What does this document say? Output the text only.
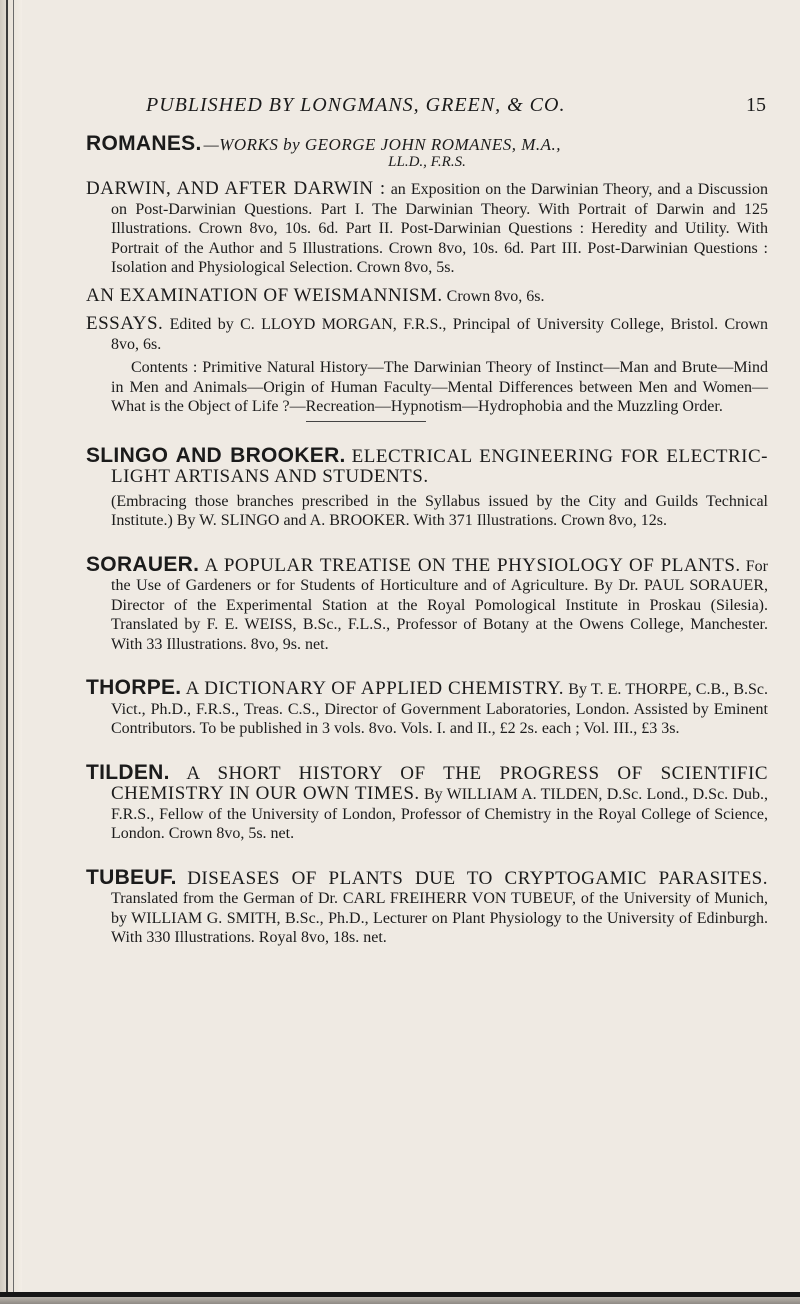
PUBLISHED BY LONGMANS, GREEN, & CO.	15
ROMANES. —WORKS by GEORGE JOHN ROMANES, M.A.,
LL.D., F.R.S.

DARWIN, AND AFTER DARWIN : an Exposition on the Darwinian Theory, and a Discussion on Post-Darwinian Questions. Part I. The Darwinian Theory. With Portrait of Darwin and 125 Illustrations. Crown 8vo, 10s. 6d. Part II. Post-Darwinian Questions : Heredity and Utility. With Portrait of the Author and 5 Illustrations. Crown 8vo, 10s. 6d. Part III. Post-Darwinian Questions : Isolation and Physiological Selection. Crown 8vo, 5s.

AN EXAMINATION OF WEISMANNISM. Crown 8vo, 6s.

ESSAYS. Edited by C. LLOYD MORGAN, F.R.S., Principal of University College, Bristol. Crown 8vo, 6s.

Contents : Primitive Natural History—The Darwinian Theory of Instinct—Man and Brute—Mind in Men and Animals—Origin of Human Faculty—Mental Differences between Men and Women—What is the Object of Life ?—Recreation—Hypnotism—Hydrophobia and the Muzzling Order.

SLINGO AND BROOKER. ELECTRICAL ENGINEERING FOR ELECTRIC-LIGHT ARTISANS AND STUDENTS.

(Embracing those branches prescribed in the Syllabus issued by the City and Guilds Technical Institute.) By W. SLINGO and A. BROOKER. With 371 Illustrations. Crown 8vo, 12s.

SORAUER. A POPULAR TREATISE ON THE PHYSIOLOGY OF PLANTS. For the Use of Gardeners or for Students of Horticulture and of Agriculture. By Dr. PAUL SORAUER, Director of the Experimental Station at the Royal Pomological Institute in Proskau (Silesia). Translated by F. E. WEISS, B.Sc., F.L.S., Professor of Botany at the Owens College, Manchester. With 33 Illustrations. 8vo, 9s. net.

THORPE. A DICTIONARY OF APPLIED CHEMISTRY. By T. E. THORPE, C.B., B.Sc. Vict., Ph.D., F.R.S., Treas. C.S., Director of Government Laboratories, London. Assisted by Eminent Contributors. To be published in 3 vols. 8vo. Vols. I. and II., £2 2s. each ; Vol. III., £3 3s.

TILDEN. A SHORT HISTORY OF THE PROGRESS OF SCIENTIFIC CHEMISTRY IN OUR OWN TIMES. By WILLIAM A. TILDEN, D.Sc. Lond., D.Sc. Dub., F.R.S., Fellow of the University of London, Professor of Chemistry in the Royal College of Science, London. Crown 8vo, 5s. net.

TUBEUF. DISEASES OF PLANTS DUE TO CRYPTOGAMIC PARASITES. Translated from the German of Dr. CARL FREIHERR VON TUBEUF, of the University of Munich, by WILLIAM G. SMITH, B.Sc., Ph.D., Lecturer on Plant Physiology to the University of Edinburgh. With 330 Illustrations. Royal 8vo, 18s. net.
